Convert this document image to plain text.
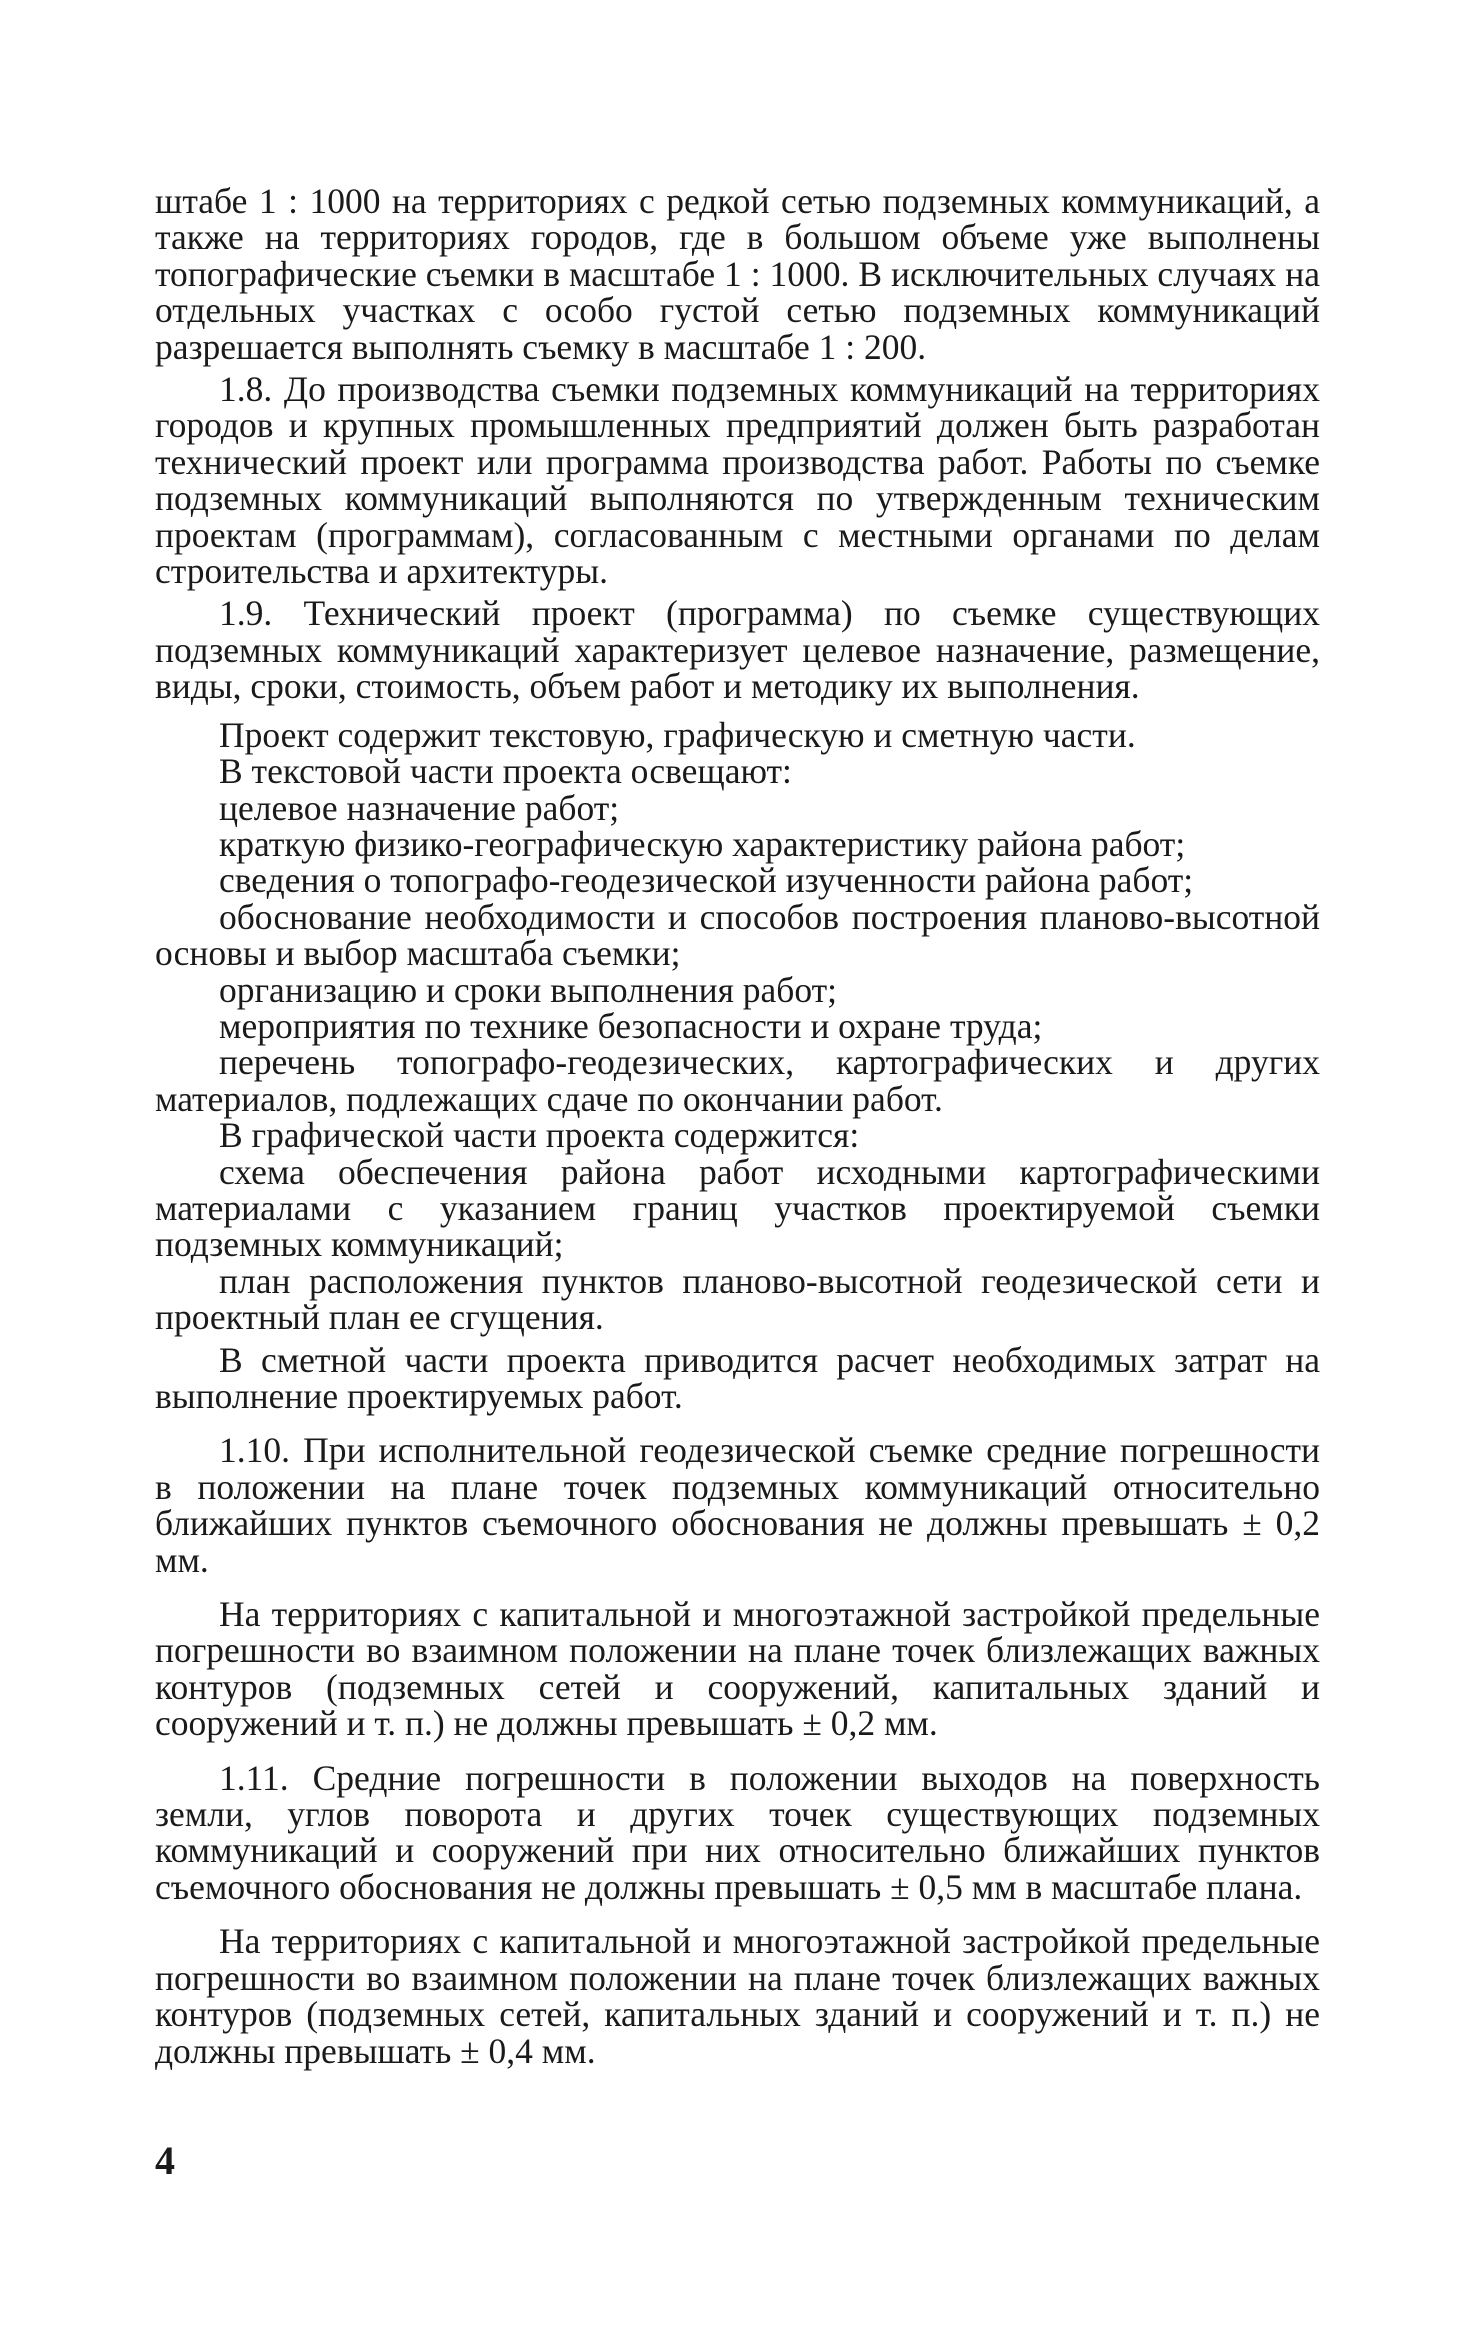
штабе 1 : 1000 на территориях с редкой сетью подземных коммуникаций, а также на территориях городов, где в большом объеме уже выполнены топографические съемки в масштабе 1 : 1000. В исключительных случаях на отдельных участках с особо густой сетью подземных коммуникаций разрешается выполнять съемку в масштабе 1 : 200.

1.8. До производства съемки подземных коммуникаций на территориях городов и крупных промышленных предприятий должен быть разработан технический проект или программа производства работ. Работы по съемке подземных коммуникаций выполняются по утвержденным техническим проектам (программам), согласованным с местными органами по делам строительства и архитектуры.

1.9. Технический проект (программа) по съемке существующих подземных коммуникаций характеризует целевое назначение, размещение, виды, сроки, стоимость, объем работ и методику их выполнения.

Проект содержит текстовую, графическую и сметную части.

В текстовой части проекта освещают:

целевое назначение работ;

краткую физико-географическую характеристику района работ;

сведения о топографо-геодезической изученности района работ;

обоснование необходимости и способов построения планово-высотной основы и выбор масштаба съемки;

организацию и сроки выполнения работ;

мероприятия по технике безопасности и охране труда;

перечень топографо-геодезических, картографических и других материалов, подлежащих сдаче по окончании работ.

В графической части проекта содержится:

схема обеспечения района работ исходными картографическими материалами с указанием границ участков проектируемой съемки подземных коммуникаций;

план расположения пунктов планово-высотной геодезической сети и проектный план ее сгущения.

В сметной части проекта приводится расчет необходимых затрат на выполнение проектируемых работ.

1.10. При исполнительной геодезической съемке средние погрешности в положении на плане точек подземных коммуникаций относительно ближайших пунктов съемочного обоснования не должны превышать ± 0,2 мм.

На территориях с капитальной и многоэтажной застройкой предельные погрешности во взаимном положении на плане точек близлежащих важных контуров (подземных сетей и сооружений, капитальных зданий и сооружений и т. п.) не должны превышать ± 0,2 мм.

1.11. Средние погрешности в положении выходов на поверхность земли, углов поворота и других точек существующих подземных коммуникаций и сооружений при них относительно ближайших пунктов съемочного обоснования не должны превышать ± 0,5 мм в масштабе плана.

На территориях с капитальной и многоэтажной застройкой предельные погрешности во взаимном положении на плане точек близлежащих важных контуров (подземных сетей, капитальных зданий и сооружений и т. п.) не должны превышать ± 0,4 мм.

4
